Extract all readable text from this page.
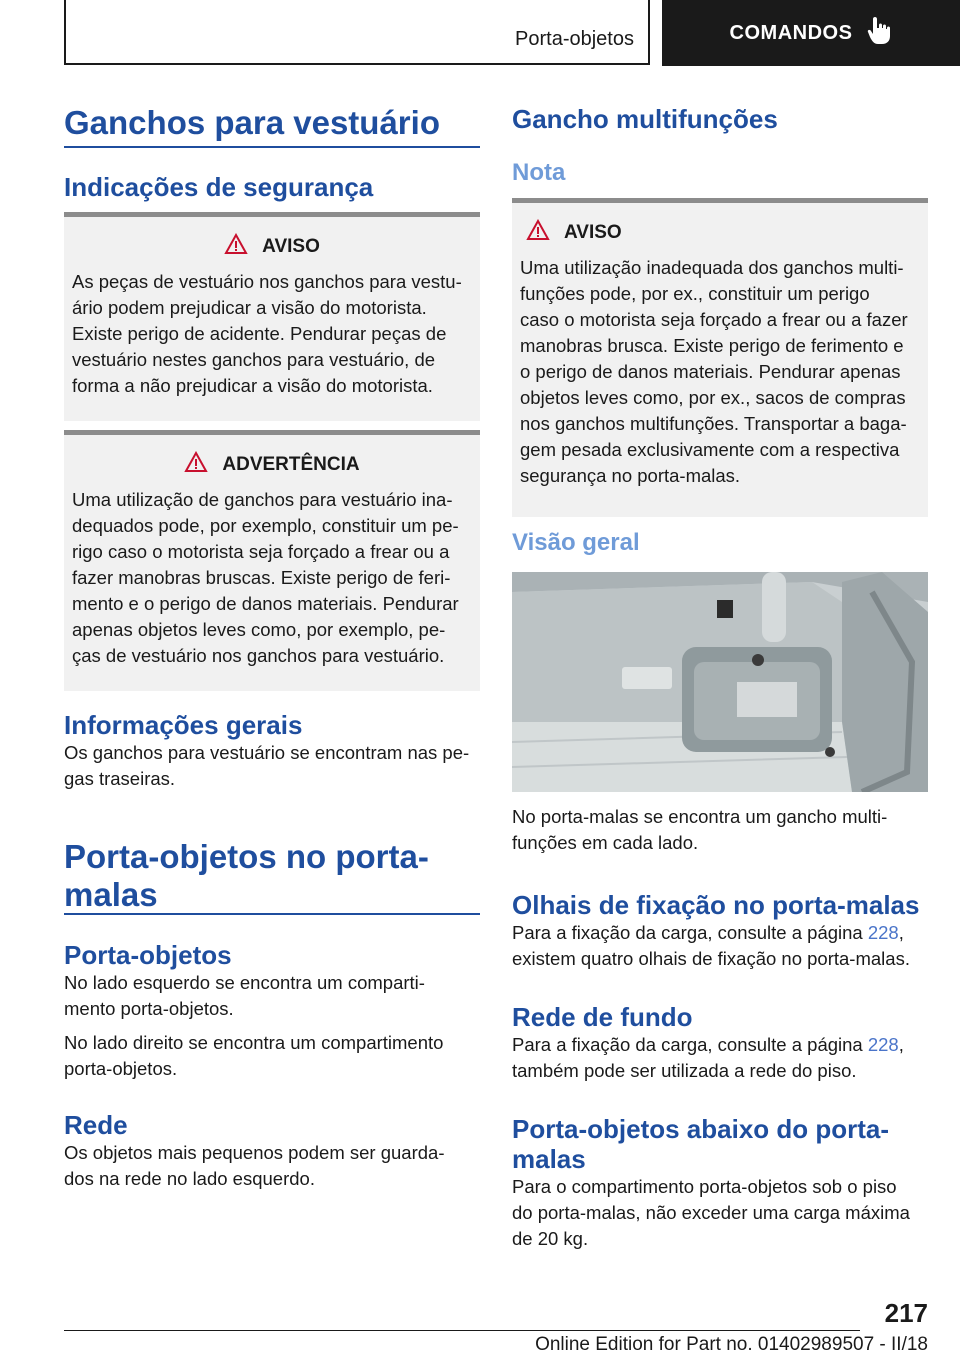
Porta-objetos	COMANDOS
Ganchos para vestuário
Indicações de segurança
AVISO

As peças de vestuário nos ganchos para vestu-

ário podem prejudicar a visão do motorista.

Existe perigo de acidente. Pendurar peças de

vestuário nestes ganchos para vestuário, de

forma a não prejudicar a visão do motorista.

ADVERTÊNCIA

Uma utilização de ganchos para vestuário ina-

dequados pode, por exemplo, constituir um pe-

rigo caso o motorista seja forçado a frear ou a

fazer manobras bruscas. Existe perigo de feri-

mento e o perigo de danos materiais. Pendurar

apenas objetos leves como, por exemplo, pe-

ças de vestuário nos ganchos para vestuário.

Informações gerais

Os ganchos para vestuário se encontram nas pe-

gas traseiras.

Porta-objetos no porta-
malas
Porta-objetos

No lado esquerdo se encontra um comparti-

mento porta-objetos.

No lado direito se encontra um compartimento

porta-objetos.

Rede

Os objetos mais pequenos podem ser guarda-

dos na rede no lado esquerdo.

Gancho multifunções
Nota
AVISO

Uma utilização inadequada dos ganchos multi-

funções pode, por ex., constituir um perigo

caso o motorista seja forçado a frear ou a fazer

manobras brusca. Existe perigo de ferimento e

o perigo de danos materiais. Pendurar apenas

objetos leves como, por ex., sacos de compras

nos ganchos multifunções. Transportar a baga-

gem pesada exclusivamente com a respectiva

segurança no porta-malas.

Visão geral

No porta-malas se encontra um gancho multi-

funções em cada lado.

Olhais de fixação no porta-malas

Para a fixação da carga, consulte a página 228,

existem quatro olhais de fixação no porta-malas.

Rede de fundo

Para a fixação da carga, consulte a página 228,

também pode ser utilizada a rede do piso.

Porta-objetos abaixo do porta-
malas

Para o compartimento porta-objetos sob o piso

do porta-malas, não exceder uma carga máxima

de 20 kg.

217
Online Edition for Part no. 01402989507 - II/18
